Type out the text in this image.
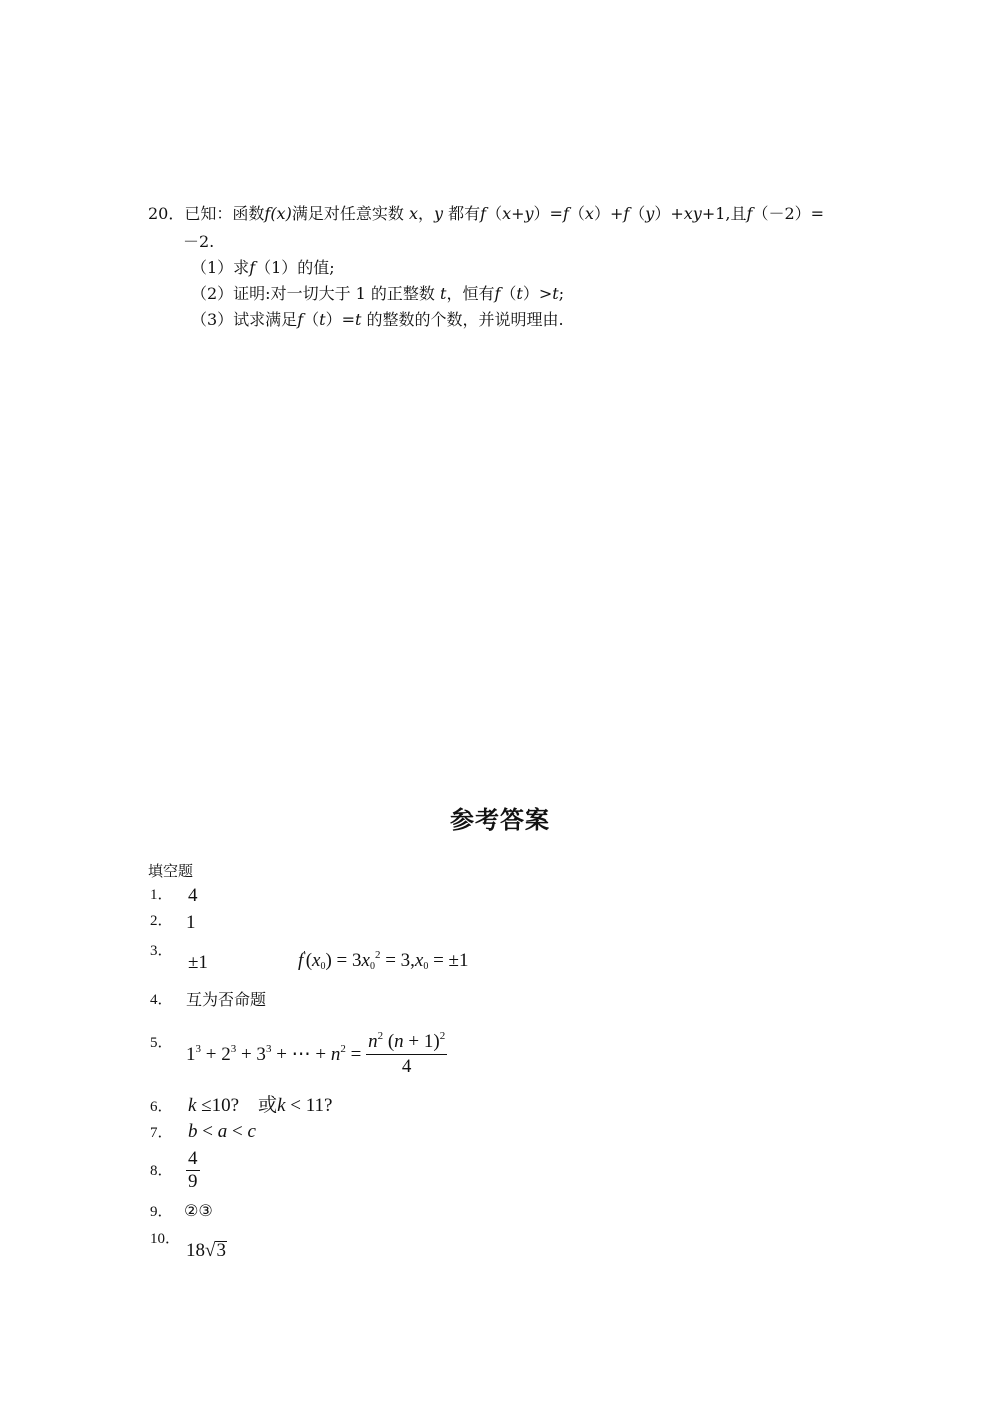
20．已知：函数f(x)满足对任意实数 x，y 都有f（x+y）=f（x）+f（y）+xy+1,且f（－2）=
－2.
（1）求f（1）的值;
（2）证明:对一切大于 1 的正整数 t，恒有f（t）>t;
（3）试求满足f（t）=t 的整数的个数，并说明理由.
参考答案
填空题
1． 4
2． 1
3．
±1	$f'(x_0) = 3x_0^2 = 3,x_0 = \pm 1$
4． 互为否命题
5．
$1^3 + 2^3 + 3^3$ + ⋯ + $n^2 = \frac{n^2 (n + 1)^2}{4}$
6． k ≤10?　或k < 11?
7． b < a < c
8． $\frac{4}{9}$
9． ②③
10．
18√3
